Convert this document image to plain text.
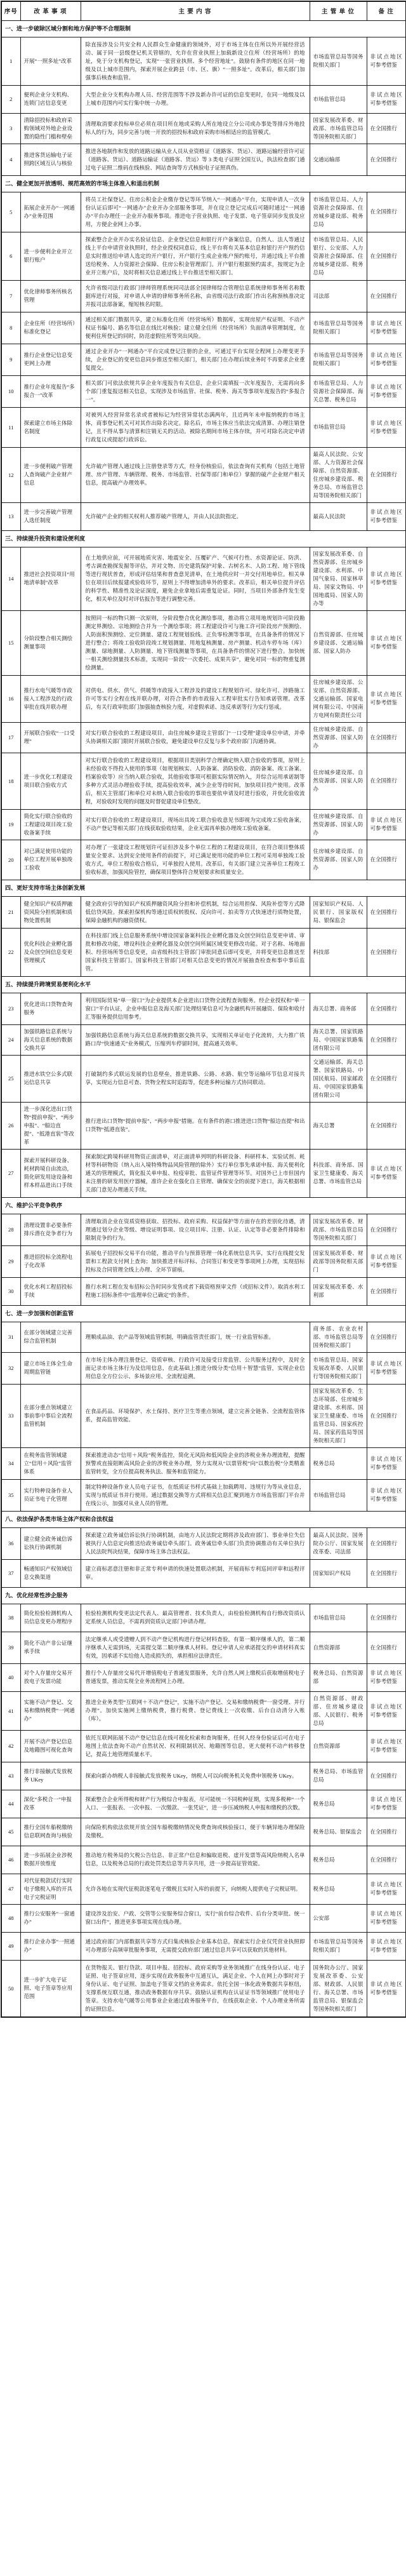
序号	改 革 事 项	主 要 内 容	主 管 单 位	备 注
一、进一步破除区域分割和地方保护等不合理限制				
1	开展“一照多址”改革	除直接涉及公共安全和人民群众生命健康的领域外，对于市场主体在住所以外开展经营活动、属于同一县级登记机关管辖的，允许在营业执照上加载新设立住所（经营场所）的地址，免于分支机构登记，实现“一张营业执照、多个经营地址”。鼓励有条件的地区在同一地级及以上城市范围内，探索开展企业跨县（市、区、旗）“一照多址”。改革后，相关部门加强事后核查和监管。	市场监管总局等国务院相关部门	非试点地区可参考借鉴
2	便利企业分支机构、连锁门店信息变更	大型企业分支机构办理人员、经营范围等不涉及新办许可证的信息变更时，在同一地级及以上城市范围内可实行集中统一办理。	市场监管总局	非试点地区可参考借鉴
3	清除招投标和政府采购领域对外地企业设置的隐性门槛和壁垒	清理取消要求投标单位必须在项目所在地或采购人所在地设立分公司或办事处等排斥外地投标人的行为，同步完善与统一开放的招投标和政府采购市场相适应的监管模式。	国家发展改革委、财政部、市场监管总局等国务院相关部门	在全国推行
4	推进客货运输电子证照跨区域互认与核验	推进各地制作和发放的道路运输从业人员从业资格证（道路客、货运）、道路运输经营许可证（道路客、货运）、道路运输证（道路客、货运）等 3 类电子证照全国互认，执法检查部门通过电子证照二维码在线核验、网站查询等方式核验电子证照真伪。	交通运输部	在全国推行
二、健全更加开放透明、规范高效的市场主体准入和退出机制				
5	拓展企业开办“一网通办”业务范围	将员工社保登记、住房公积金企业缴存登记等环节纳入“一网通办”平台，实现申请人一次身份认证后即可“一网通办”企业开办全部服务事项，并在设立登记完成后可随时通过“一网通办”平台办理任一企业开办服务事项。推进电子营业执照、电子发票、电子签章同步发放及应用，方便企业网上办事。	市场监管总局、人力资源社会保障部、住房城乡建设部、税务总局	在全国推行
6	进一步便利企业开立银行账户	探索整合企业开办实名验证信息、企业登记信息和银行开户备案信息，自然人、法人等通过线上平台申请营业执照时，经企业授权同意后，线上平台将有关基本信息和银行开户预约信息实时推送给申请人选定的开户银行，开户银行生成企业账户预约账号，并通过线上平台推送给税务、人力资源社会保障、住房公积金管理部门。开户银行根据预约需求，按规定为企业开立账户后，及时将相关信息通过线上平台推送至相关部门。	市场监管总局、人民银行、公安部、人力资源社会保障部、住房城乡建设部、税务总局	在全国推行
7	优化律师事务所核名管理	允许省级司法行政部门律师管理系统同司法部全国律师综合管理信息系统律师事务所名称数据库进行对接，对申请人申请的律师事务所名称，由省级司法行政部门作出名称预核准决定并报司法部备案，缩短核名时限。	司法部	在全国推行
8	企业住所（经营场所）标准化登记	通过相关部门数据共享，建立标准化住所（经营场所）数据库，实现房屋产权证明、不动产权证书编号、路名等信息在线比对核验；建立健全住所（经营场所）负面清单管理制度，在便利住所登记的同时，防范虚假住所等突出风险。	市场监管总局等国务院相关部门	非试点地区可参考借鉴
9	推行企业登记信息变更网上办理	通过企业开办“一网通办”平台完成登记注册的企业，可通过平台实现全程网上办理变更手续，企业登记的变更信息同步推送至相关部门，相关部门在办理后续业务时不再要求企业重复提交。	市场监管总局等国务院相关部门	非试点地区可参考借鉴
10	推行企业年度报告“多报合一”改革	相关部门可依法依规共享企业年度报告有关信息，企业只需填报一次年度报告，无需再向多个部门重复报送相关信息，实现涉及市场监管、社保、税务、海关等事项年度报告的“多报合一”。	市场监管总局、人力资源社会保障部、海关总署、税务总局	非试点地区可参考借鉴
11	探索建立市场主体除名制度	对被列入经营异常名录或者被标记为经营异常状态满两年，且近两年未申报纳税的市场主体，商事登记机关可对其作出除名决定。除名后，市场主体应当依法完成清算、办理注销登记，且不得从事与清算和注销无关的活动。被除名期间市场主体存续，并可对除名决定申请行政复议或提起行政诉讼。	市场监管总局	非试点地区可参考借鉴
12	进一步便利破产管理人查询破产企业财产信息	允许破产管理人通过线上注册登录等方式，经身份核验后，依法查询有关机构（包括土地管理、房产管理、车辆管理、税务、市场监管、社保等部门和单位）掌握的破产企业财产相关信息，提高破产办理效率。	最高人民法院、公安部、人力资源社会保障部、自然资源部、住房城乡建设部、税务总局、市场监管总局等国务院相关部门	在全国推行
13	进一步完善破产管理人选任制度	允许破产企业的相关权利人推荐破产管理人，并由人民法院指定。	最高人民法院	非试点地区可参考借鉴
三、持续提升投资和建设便利度				
14	推进社会投资项目“用地清单制”改革	在土地供应前，可开展地质灾害、地震安全、压覆矿产、气候可行性、水资源论证、防洪、考古调查勘探发掘等评估，并对文物、历史建筑保护对象、古树名木、人防工程、地下管线等进行现状普查，形成评估结果和普查意见清单，在土地供应时一并交付用地单位。相关单位在项目后续报建或验收环节，原则上不得增加清单外的要求。改革后，相关单位提升评估的科学性、精准性及论证深度，避免企业拿地后需重复论证。同时，当项目外部条件发生变化，相关单位及时对评估报告等进行调整完善。	国家发展改革委、自然资源部、住房城乡建设部、水利部、中国气象局、国家林草局、国家文物局、中国地震局、国家人防办等	非试点地区可参考借鉴
15	分阶段整合相关测绘测量事项	按照同一标的物只测一次原则，分阶段整合优化测绘事项，推动将立项用地规划许可阶段勘测定界测绘、宗地测绘合并为一个测绘事项；将工程建设许可与施工许可阶段房产预测绘、人防面积预测绘、定位测量、建设工程规划验线、正负零检测等事项，在具备条件的情况下进行整合；将竣工验收阶段竣工规划测量、用地复核测量、房产测量、机动车停车场（库）测量、绿地测量、人防测量、地下管线测量等事项，在具备条件的情况下进行整合。加快统一相关测绘测量技术标准，实现同一阶段“一次委托、成果共享”，避免对同一标的物重复测绘测量。	自然资源部、住房城乡建设部、交通运输部、国家人防办	非试点地区可参考借鉴
16	推行水电气暖等市政接入工程涉及的行政审批在线并联办理	对供电、供水、供气、供暖等市政接入工程涉及的建设工程规划许可、绿化许可、涉路施工许可等实行全程在线并联办理，对符合条件的市政接入工程审批实行告知承诺管理。改革后，有关行政审批部门加强抽查核验力度，对虚假承诺、违反承诺等行为实行惩戒。	住房城乡建设部、公安部、自然资源部、交通运输部、国家电网有限公司、中国南方电网有限责任公司	非试点地区可参考借鉴
17	开展联合验收“一口受理”	对实行联合验收的工程建设项目，由住房城乡建设主管部门“一口受理”建设单位申请，并牵头协调相关部门限时开展联合验收，避免建设单位反复与多个政府部门沟通协调。	住房城乡建设部、自然资源部、国家人防办	在全国推行
18	进一步优化工程建设项目联合验收方式	对实行联合验收的工程建设项目，根据项目类别科学合理确定纳入联合验收的事项，原则上未经验收不得投入使用的事项（如规划核实、人防备案、消防验收、消防备案、竣工备案、档案验收等）应当纳入联合验收，其他验收事项可根据实际情况纳入，并综合运用承诺制等多种方式灵活办理验收手续，提高验收效率，减少企业等待时间，加快项目投产使用。改革后，相关主管部门和单位对未纳入联合验收的事项也要依申请及时进行验收，并优化验收流程，对验收时发现的问题及时督促建设单位整改。	住房城乡建设部、自然资源部、国家人防办	在全国推行
19	简化实行联合验收的工程建设项目竣工验收备案手续	对实行联合验收的工程建设项目，现场出具竣工联合验收意见书即视为完成竣工验收备案，不动产登记等相关部门在线获取验收结果，企业无需再单独办理竣工验收备案。	住房城乡建设部、自然资源部、国家人防办	非试点地区可参考借鉴
20	对已满足使用功能的单位工程开展单独竣工验收	对办理了一张建设工程规划许可证但涉及多个单位工程的工程建设项目，在符合项目整体质量安全要求、达到安全使用条件的前提下，对已满足使用功能的单位工程可采用单独竣工验收方式，单位工程验收合格后，可单独投入使用。改革后，有关部门建立完善单位工程竣工验收标准，加强风险管控，确保项目整体符合规划要求和质量安全。	住房城乡建设部、自然资源部、国家人防办	在全国推行
四、更好支持市场主体创新发展				
21	健全知识产权质押融资风险分担机制和质物处置机制	健全政府引导的知识产权质押融资风险分担和补偿机制，综合运用担保、风险补偿等方式降低信贷风险。探索担保机构等通过质权转股权、反向许可、拍卖等方式快速进行质物处置，保障金融机构的融资债权。	国家知识产权局、人民银行、国家版权局、银保监会	在全国推行
22	优化科技企业孵化器及众创空间信息变更管理模式	在科技部门线上信息服务系统中增设国家备案科技企业孵化器及众创空间信息变更申请、审批和修改功能，增设科技企业孵化器及众创空间所属区域变更修改功能。对于名称、场地面积、经营场所等信息变更，由省级科技主管部门审批同意后即可变更，并将变更信息推送至国家科技主管部门。国家科技主管部门对相关信息变更的情况开展抽查检查和事中事后监管。	科技部	在全国推行
五、持续提升跨境贸易便利化水平				
23	优化进出口货物查询服务	利用国际贸易“单一窗口”为企业提供本企业进出口货物全流程查询服务。经企业授权和“单一窗口”平台认证，企业申报信息及海关部门处理结果信息可为金融机构开展融资、保险和收付汇等服务提供信用参考。	海关总署、商务部	在全国推行
24	加强铁路信息系统与海关信息系统的数据交换共享	加强铁路信息系统与海关信息系统的数据交换共享，实现相关单证电子化流转，大力推广铁路口岸“快速通关”业务模式，压缩列车停留时间，提高通关效率。	海关总署、国家铁路局、中国国家铁路集团有限公司	在全国推行
25	推进水铁空公多式联运信息共享	打破制约多式联运发展的信息壁垒，推进铁路、公路、水路、航空等运输环节信息对接共享，实现运力信息可查、货物全程实时追踪等，促进多种运输方式协同联动。	交通运输部、海关总署、国家铁路局、中国民航局、国家邮政局、中国国家铁路集团有限公司	在全国推行
26	进一步深化进出口货物“提前申报”、“两步申报”、“船边直提”、“抵港直装”等改革	推行进出口货物“提前申报”、“两步申报”措施。在有条件的港口推进进口货物“船边直提”和出口货物“抵港直装”。	海关总署	在全国推行
27	探索开展科研设备、耗材跨境自由流动，简化研发用途设备和样本样品进出口手续	探索制定跨境科研用物资正面清单，对正面清单列明的科研设备、科研样本、实验试剂、耗材等科研物资（纳入出入境特殊物品风险管理的除外）实行单位事先承诺申报、海关便利化通关的管理模式，简化报关单申报、检疫审批、监管证件管理等环节。对国外已上市但国内未注册的研发用医疗器械，准许企业在强化自主管理、确保安全的前提下进口，海关根据相关部门意见办理通关手续。	科技部、商务部、国家卫生健康委、海关总署、市场监管总局	非试点地区可参考借鉴
六、维护公平竞争秩序				
28	清理设置非必要条件排斥潜在竞争者行为	清理取消企业在资质资格获取、招投标、政府采购、权益保护等方面存在的差别化待遇，清理通过划分企业等级、增设证明事项、设立项目库、注册、认证、认定等非必要条件排除和限制竞争的行为。	国家发展改革委、财政部、市场监管总局等国务院相关部门	在全国推行
29	推进招投标全流程电子化改革	拓展电子招投标交易平台功能，推动平台与预算管理一体化系统信息共享，实行在线提交发票和工程款支付网上查询；加快推进开标评标、合同签订和变更等事项网上办理，实现招标投标及合同管理全线上办理、全环节留痕。	国家发展改革委、财政部等国务院相关部门	非试点地区可参考借鉴
30	优化水利工程招投标手续	推行水利工程在发布招标公告时同步发售或者下载资格预审文件（或招标文件）。取消水利工程施工招标条件中“监理单位已确定”的条件。	国家发展改革委、水利部	在全国推行
七、进一步加强和创新监管				
31	在部分领域建立完善综合监管机制	理顺成品油、农产品等领域监管机制，明确监管责任部门，统一行业监管标准。	商务部、农业农村部、市场监管总局等国务院相关部门	在全国推行
32	建立市场主体全生命周期监管链	在市场主体办理注册登记、资质审核、行政许可及接受日常监管、公共服务过程中，及时全面记录市场主体行为及信用信息，在此基础上推进分级分类“信用＋智慧”监管，实现企业信用信息全方位公示、多场景应用、全流程追溯。	市场监管总局、国家发展改革委、人民银行等国务院相关部门	非试点地区可参考借鉴
33	在部分重点领域建立事前事中事后全流程监管机制	在食品药品、环境保护、水土保持、医疗卫生等重点领域，建立完善全链条、全流程监管体系，提高监管效能。	国家发展改革委、生态环境部、住房城乡建设部、水利部、国家卫生健康委、市场监管总局、国家疾控局、国家药监局等国务院相关部门	在全国推行
34	在税务监管领域建立“信用＋风险”监管体系	探索推进动态“信用＋风险”税务监控，简化无风险和低风险企业的涉税业务办理流程，提醒预警或直接阻断高风险企业的涉税业务办理，努力实现从“以票管税”向“以数治税”分类精准监管转变，全方位提高税务执法、服务和监管能力。	税务总局	非试点地区可参考借鉴
35	实行特种设备作业人员证书电子化管理	制定特种设备作业人员电子证书，在纸质证书样式基础上加载聘用、违规行为等从业信息，实现与纸质证书并行使用。通过数据交换等方式将相关信息汇聚到地方市场监管部门平台并在线公示，加强对从业人员的管理。	市场监管总局	非试点地区可参考借鉴
八、依法保护各类市场主体产权和合法权益				
36	建立健全政务诚信诉讼执行协调机制	探索建立政务诚信诉讼执行协调机制，由地方人民法院定期将涉及政府部门、事业单位失信被执行人信息定向推送给政务诚信牵头部门。政务诚信牵头部门负责协调推动有关单位执行人民法院判决结果，保障市场主体合法权益。	最高人民法院、国务院办公厅、国家发展改革委、司法部	在全国推行
37	畅通知识产权领域信息交换渠道	建立商标恶意注册和非正常专利申请的快速处置联动机制，开展商标专利巡回评审和远程评审。	国家知识产权局	在全国推行
九、优化经常性涉企服务				
38	简化检验检测机构人员信息变更办理程序	检验检测机构变更法定代表人、最高管理者、技术负责人，由检验检测机构自行修改资质认定系统人员信息，不需再到资质认定部门申请办理。	市场监管总局	在全国推行
39	简化不动产非公证继承手续	法定继承人或受遗赠人到不动产登记机构进行登记材料查验，有第一顺序继承人的，第二顺序继承人无需到场，无需提交第二顺序继承人材料。登记申请人应承诺提交的申请材料真实有效，因承诺不实给他人造成损失的，承担相应法律责任。	自然资源部	在全国推行
40	对个人存量房交易开放电子发票功能	推行个人存量房交易代开增值税电子普通发票服务，允许自然人网上缴税后获取增值税电子普通发票，推动实现全业务流程网上办理。	税务总局、自然资源部	非试点地区可参考借鉴
41	实施不动产登记、交易和缴纳税费“一网通办”	推进全业务类型“互联网＋不动产登记”，实施不动产登记、交易和缴纳税费“一窗受理、并行办理”。加快实施网上缴纳税费，推行税费、登记费线上一次收缴、后台自动清分入账（库）。	自然资源部、财政部、住房城乡建设部、人民银行、税务总局	非试点地区可参考借鉴
42	开展不动产登记信息及地籍图可视化查询	依托互联网拓展不动产登记信息在线可视化检索和查询服务，任何人经身份验证后可在电子地图上依法查询不动产自然状况、权利限制状况、地籍图等信息，更大便利不动产转移登记，提高土地管理质量水平。	自然资源部	非试点地区可参考借鉴
43	推行非接触式发放税务 UKey	探索向新办纳税人非接触式发放税务 UKey，纳税人可以向税务机关免费申领税务 UKey。	税务总局、市场监管总局	在全国推行
44	深化“多税合一”申报改革	探索整合企业所得税和财产行为税综合申报表，尽可能统一不同税种征期，实现多税种“一个入口、一张报表、一次申报、一次缴款、一张凭证”，进一步压减纳税人申报和缴税的次数。	税务总局	非试点地区可参考借鉴
45	推行全国车船税缴纳信息联网查询与核验	向保险机构依法依规开放全国车船税缴纳情况免费查询或核验接口，便于车辆异地办理保险及缴税。	税务总局、银保监会	在全国推行
46	进一步拓展企业涉税数据开放维度	推动地方税务局的欠税公告信息、非正常户信息和骗取退税、虚开发票等高风险纳税人名单信息，以及税务总局的行政处罚类信息等共享共用，进一步提高征管效能。	税务总局	在全国推行
47	对代征税款试行实时电子缴税入库的开具电子完税证明	允许各地在实现代征税款逐笔电子缴税且实时入库的前提下，向纳税人提供电子完税证明。	税务总局	非试点地区可参考借鉴
48	推行公安服务“一窗通办”	建设涉及治安、户政、交管等公安服务综合窗口，实行“前台综合收件、后台分类审批、统一窗口出件”，推进更多事项实现在线办理。	公安部	非试点地区可参考借鉴
49	推行企业办事“一照通办”	通过政府部门内部数据共享等方式归集或核验企业基本信息，探索实行企业仅凭营业执照即可办理部分高频审批服务事项，无需提交政府部门通过信息共享可以获取的其他材料。	市场监管总局等国务院相关部门	非试点地区可参考借鉴
50	进一步扩大电子证照、电子签章等应用范围	在货物报关、银行贷款、项目申报、招投标、政府采购等业务领域推广在线身份认证、电子证照、电子签章应用，逐步实现在政务服务中互通互认，满足企业、个人在网上办事时对于身份认证、电子证照、加盖电子签章文档的业务需求。依托全国一体化政务数据共享枢纽，支撑系统互联互通，推动政务数据有序共享。鼓励认证机构在认证证书等领域推广使用电子签章。支持水电气暖等公用事业企业通过政务服务平台，在线获取企业、个人办理业务所需的证照信息。	国务院办公厅、国家发展改革委、公安部、财政部、人民银行、海关总署、市场监管总局、银保监会等国务院相关部门	非试点地区可参考借鉴
